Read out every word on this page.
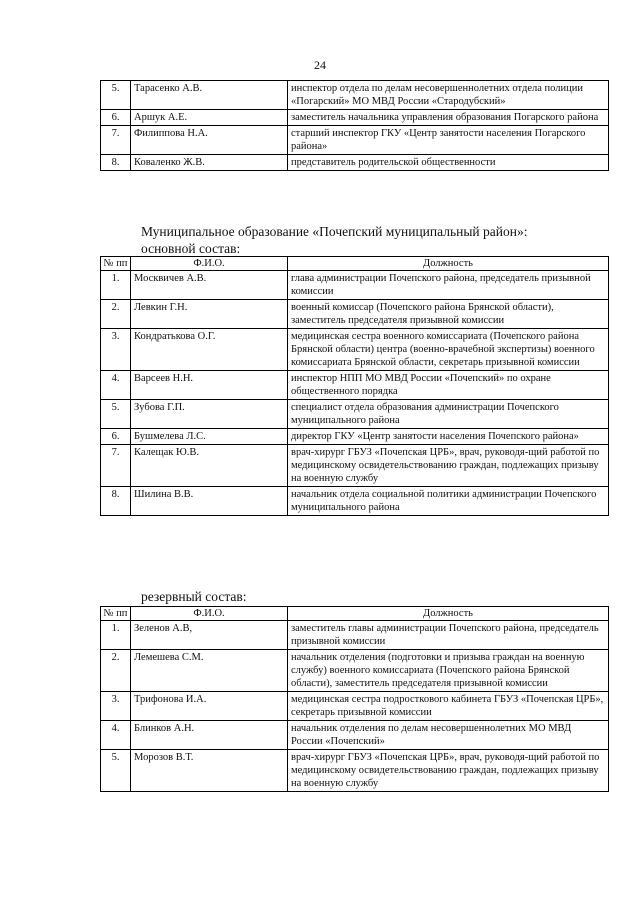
24
5.	Тарасенко А.В.	инспектор отдела по делам несовершеннолетних отдела полиции «Погарский» МО МВД России «Стародубский»
6.	Аршук А.Е.	заместитель начальника управления образования Погарского района
7.	Филиппова Н.А.	старший инспектор ГКУ «Центр занятости населения Погарского района»
8.	Коваленко Ж.В.	представитель родительской общественности
Муниципальное образование «Почепский муниципальный район»:
основной состав:
№ пп	Ф.И.О.	Должность
1.	Москвичев А.В.	глава администрации Почепского района, председатель призывной комиссии
2.	Левкин Г.Н.	военный комиссар (Почепского района Брянской области), заместитель председателя призывной комиссии
3.	Кондратькова О.Г.	медицинская сестра военного комиссариата (Почепского района Брянской области) центра (военно-врачебной экспертизы) военного комиссариата Брянской области, секретарь призывной комиссии
4.	Варсеев Н.Н.	инспектор НПП МО МВД России «Почепский» по охране общественного порядка
5.	Зубова Г.П.	специалист отдела образования администрации Почепского муниципального района
6.	Бушмелева Л.С.	директор ГКУ «Центр занятости населения Почепского района»
7.	Калещак Ю.В.	врач-хирург ГБУЗ «Почепская ЦРБ», врач, руководя-щий работой по медицинскому освидетельствованию граждан, подлежащих призыву на военную службу
8.	Шилина В.В.	начальник отдела социальной политики администрации Почепского муниципального района
резервный состав:
№ пп	Ф.И.О.	Должность
1.	Зеленов А.В,	заместитель главы администрации Почепского района, председатель призывной комиссии
2.	Лемешева С.М.	начальник отделения (подготовки и призыва граждан на военную службу) военного комиссариата (Почепского района Брянской области), заместитель председателя призывной комиссии
3.	Трифонова И.А.	медицинская сестра подросткового кабинета ГБУЗ «Почепская ЦРБ», секретарь призывной комиссии
4.	Блинков А.Н.	начальник отделения по делам несовершеннолетних МО МВД России «Почепский»
5.	Морозов В.Т.	врач-хирург ГБУЗ «Почепская ЦРБ», врач, руководя-щий работой по медицинскому освидетельствованию граждан, подлежащих призыву на военную службу
